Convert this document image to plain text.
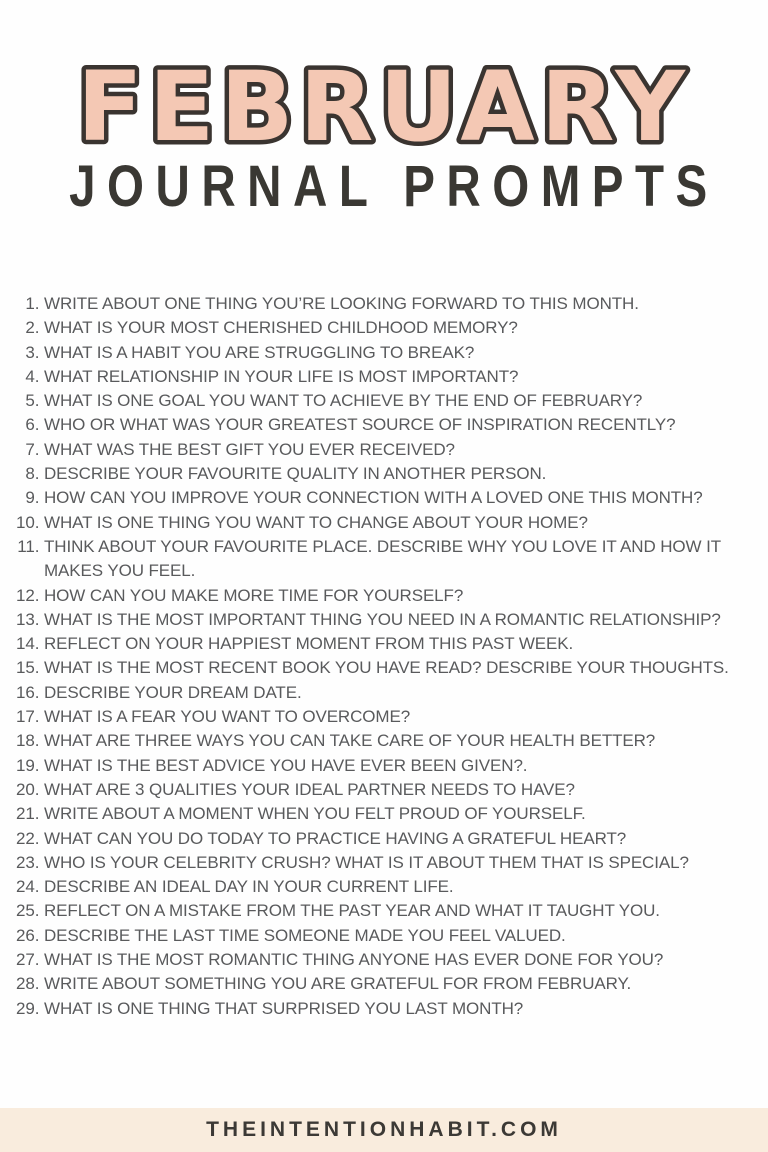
FEBRUARY
JOURNAL PROMPTS
1. WRITE ABOUT ONE THING YOU’RE LOOKING FORWARD TO THIS MONTH.
2. WHAT IS YOUR MOST CHERISHED CHILDHOOD MEMORY?
3. WHAT IS A HABIT YOU ARE STRUGGLING TO BREAK?
4. WHAT RELATIONSHIP IN YOUR LIFE IS MOST IMPORTANT?
5. WHAT IS ONE GOAL YOU WANT TO ACHIEVE BY THE END OF FEBRUARY?
6. WHO OR WHAT WAS YOUR GREATEST SOURCE OF INSPIRATION RECENTLY?
7. WHAT WAS THE BEST GIFT YOU EVER RECEIVED?
8. DESCRIBE YOUR FAVOURITE QUALITY IN ANOTHER PERSON.
9. HOW CAN YOU IMPROVE YOUR CONNECTION WITH A LOVED ONE THIS MONTH?
10. WHAT IS ONE THING YOU WANT TO CHANGE ABOUT YOUR HOME?
11. THINK ABOUT YOUR FAVOURITE PLACE. DESCRIBE WHY YOU LOVE IT AND HOW IT MAKES YOU FEEL.
12. HOW CAN YOU MAKE MORE TIME FOR YOURSELF?
13. WHAT IS THE MOST IMPORTANT THING YOU NEED IN A ROMANTIC RELATIONSHIP?
14. REFLECT ON YOUR HAPPIEST MOMENT FROM THIS PAST WEEK.
15. WHAT IS THE MOST RECENT BOOK YOU HAVE READ? DESCRIBE YOUR THOUGHTS.
16. DESCRIBE YOUR DREAM DATE.
17. WHAT IS A FEAR YOU WANT TO OVERCOME?
18. WHAT ARE THREE WAYS YOU CAN TAKE CARE OF YOUR HEALTH BETTER?
19. WHAT IS THE BEST ADVICE YOU HAVE EVER BEEN GIVEN?.
20. WHAT ARE 3 QUALITIES YOUR IDEAL PARTNER NEEDS TO HAVE?
21. WRITE ABOUT A MOMENT WHEN YOU FELT PROUD OF YOURSELF.
22. WHAT CAN YOU DO TODAY TO PRACTICE HAVING A GRATEFUL HEART?
23. WHO IS YOUR CELEBRITY CRUSH? WHAT IS IT ABOUT THEM THAT IS SPECIAL?
24. DESCRIBE AN IDEAL DAY IN YOUR CURRENT LIFE.
25. REFLECT ON A MISTAKE FROM THE PAST YEAR AND WHAT IT TAUGHT YOU.
26. DESCRIBE THE LAST TIME SOMEONE MADE YOU FEEL VALUED.
27. WHAT IS THE MOST ROMANTIC THING ANYONE HAS EVER DONE FOR YOU?
28. WRITE ABOUT SOMETHING YOU ARE GRATEFUL FOR FROM FEBRUARY.
29. WHAT IS ONE THING THAT SURPRISED YOU LAST MONTH?
THEINTENTIONHABIT.COM
